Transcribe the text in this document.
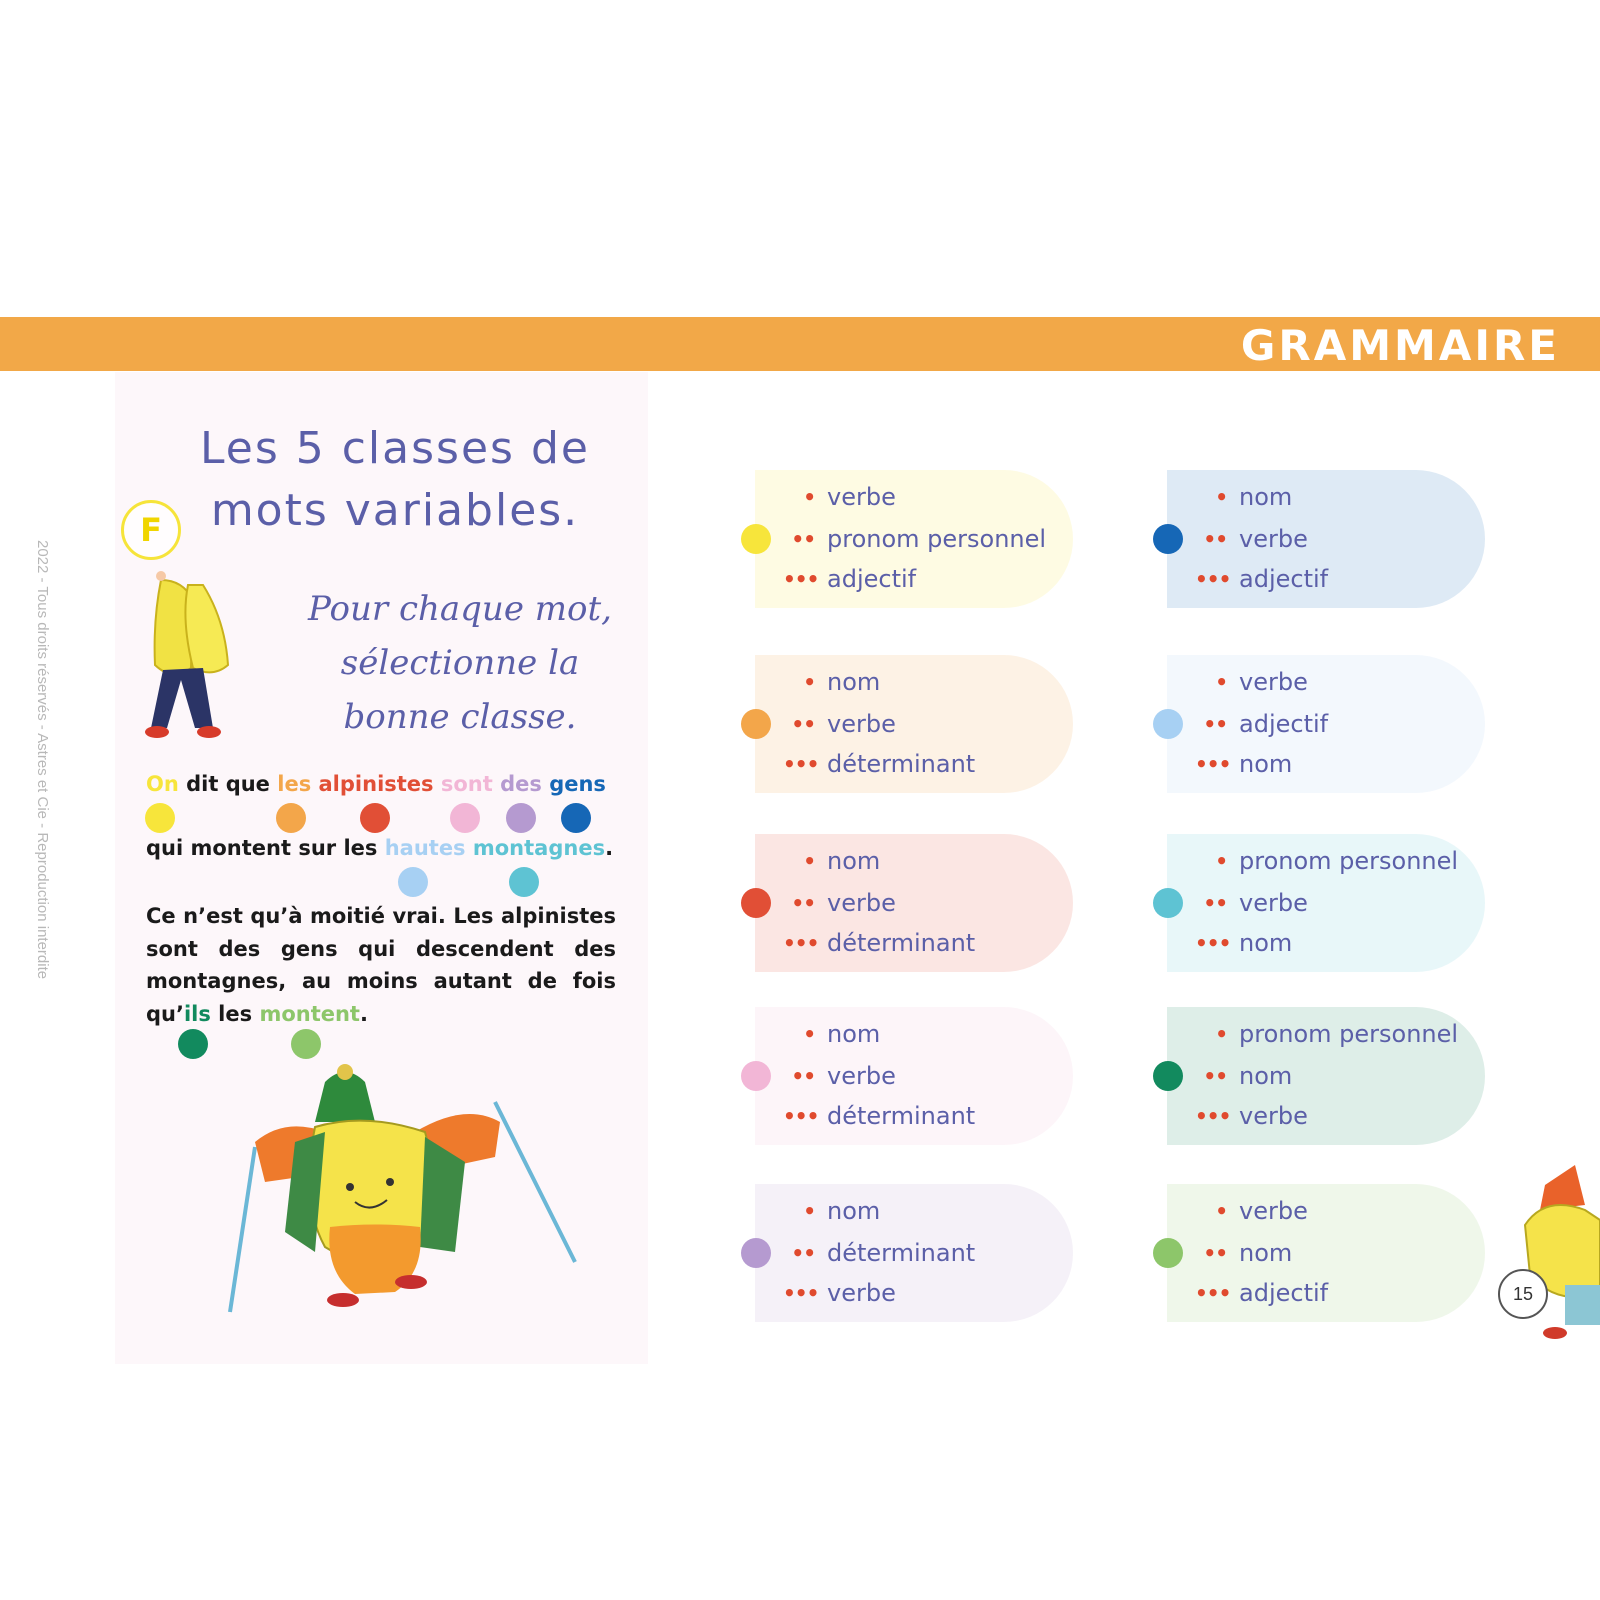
GRAMMAIRE
2022 - Tous droits réservés - Astres et Cie - Reproduction interdite
Les 5 classes de
mots variables.
F
Pour chaque mot,
sélectionne la
bonne classe.
On dit que les alpinistes sont des gens
qui montent sur les hautes montagnes.
Ce n’est qu’à moitié vrai. Les alpinistes sont des gens qui descendent des montagnes, au moins autant de fois qu’ils les montent.
• verbe
•• pronom personnel
••• adjectif
• nom
•• verbe
••• adjectif
• nom
•• verbe
••• déterminant
• verbe
•• adjectif
••• nom
• nom
•• verbe
••• déterminant
• pronom personnel
•• verbe
••• nom
• nom
•• verbe
••• déterminant
• pronom personnel
•• nom
••• verbe
• nom
•• déterminant
••• verbe
• verbe
•• nom
••• adjectif	15
